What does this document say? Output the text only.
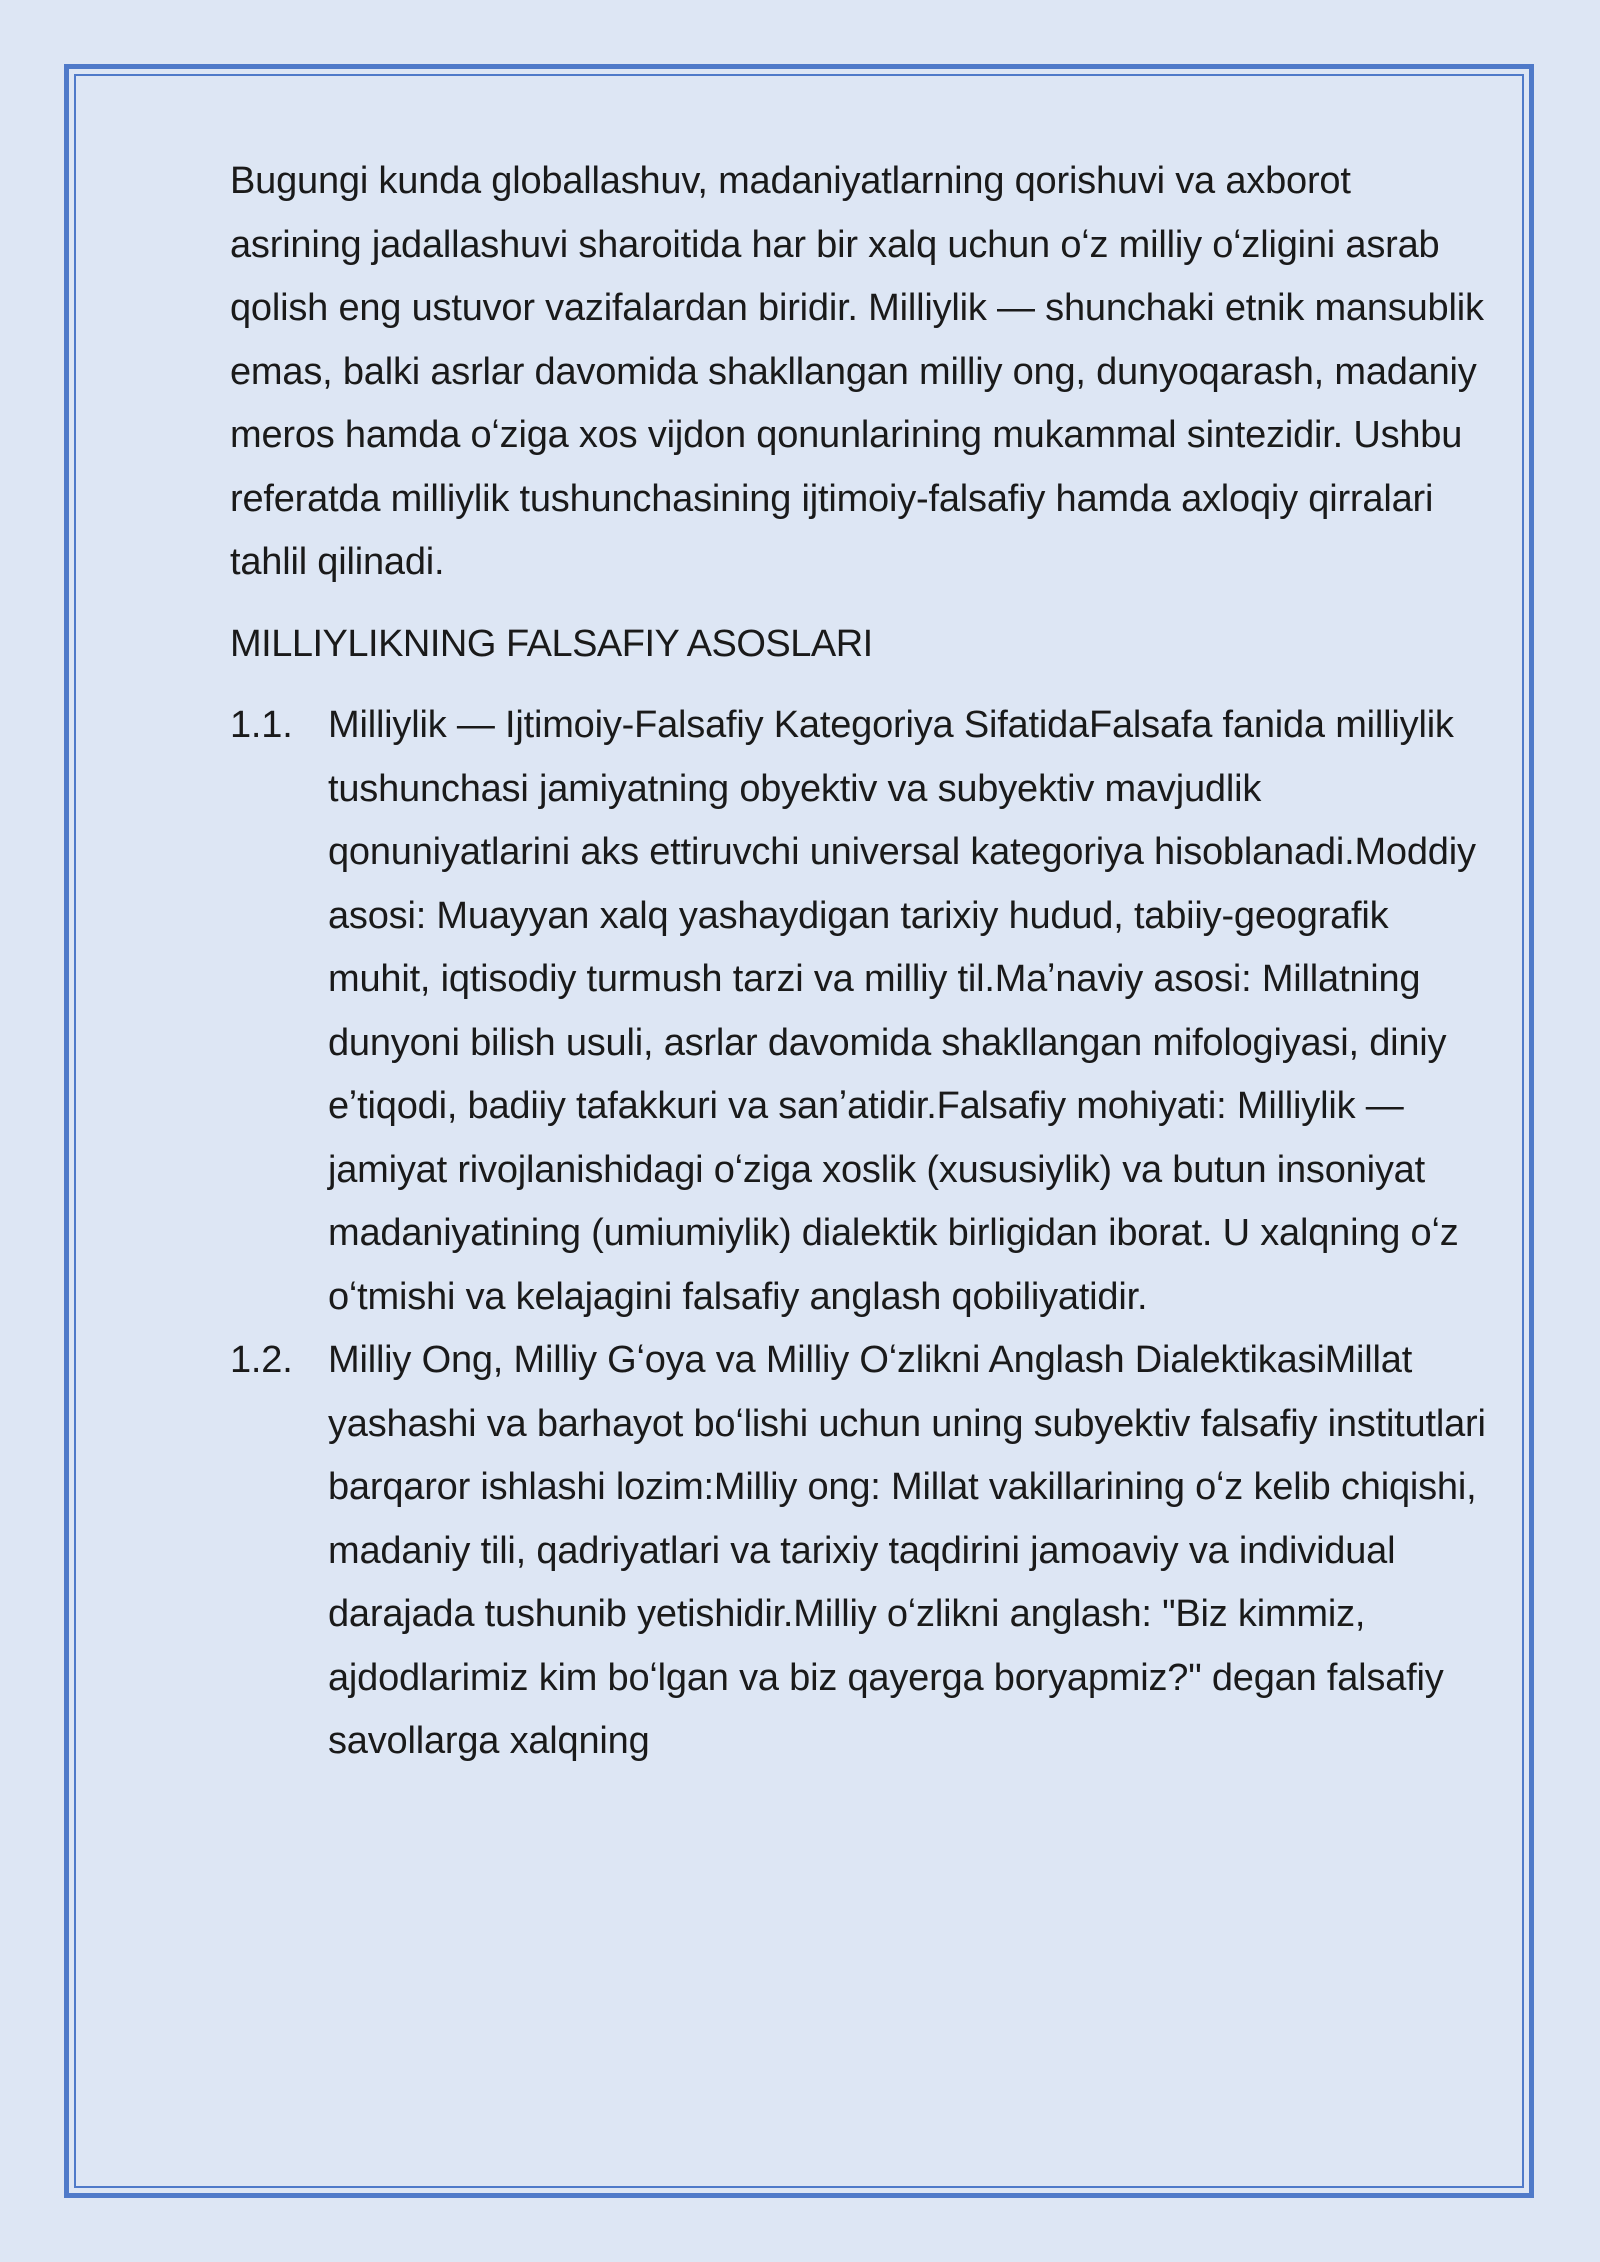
Bugungi kunda globallashuv, madaniyatlarning qorishuvi va axborot asrining jadallashuvi sharoitida har bir xalq uchun oʻz milliy oʻzligini asrab qolish eng ustuvor vazifalardan biridir. Milliylik — shunchaki etnik mansublik emas, balki asrlar davomida shakllangan milliy ong, dunyoqarash, madaniy meros hamda oʻziga xos vijdon qonunlarining mukammal sintezidir. Ushbu referatda milliylik tushunchasining ijtimoiy-falsafiy hamda axloqiy qirralari tahlil qilinadi.

MILLIYLIKNING FALSAFIY ASOSLARI

1.1. Milliylik — Ijtimoiy-Falsafiy Kategoriya SifatidaFalsafa fanida milliylik tushunchasi jamiyatning obyektiv va subyektiv mavjudlik qonuniyatlarini aks ettiruvchi universal kategoriya hisoblanadi.Moddiy asosi: Muayyan xalq yashaydigan tarixiy hudud, tabiiy-geografik muhit, iqtisodiy turmush tarzi va milliy til.Maʼnaviy asosi: Millatning dunyoni bilish usuli, asrlar davomida shakllangan mifologiyasi, diniy eʼtiqodi, badiiy tafakkuri va sanʼatidir.Falsafiy mohiyati: Milliylik — jamiyat rivojlanishidagi oʻziga xoslik (xususiylik) va butun insoniyat madaniyatining (umiumiylik) dialektik birligidan iborat. U xalqning oʻz oʻtmishi va kelajagini falsafiy anglash qobiliyatidir.
1.2. Milliy Ong, Milliy Gʻoya va Milliy Oʻzlikni Anglash DialektikasiMillat yashashi va barhayot boʻlishi uchun uning subyektiv falsafiy institutlari barqaror ishlashi lozim:Milliy ong: Millat vakillarining oʻz kelib chiqishi, madaniy tili, qadriyatlari va tarixiy taqdirini jamoaviy va individual darajada tushunib yetishidir.Milliy oʻzlikni anglash: "Biz kimmiz, ajdodlarimiz kim boʻlgan va biz qayerga boryapmiz?" degan falsafiy savollarga xalqning
